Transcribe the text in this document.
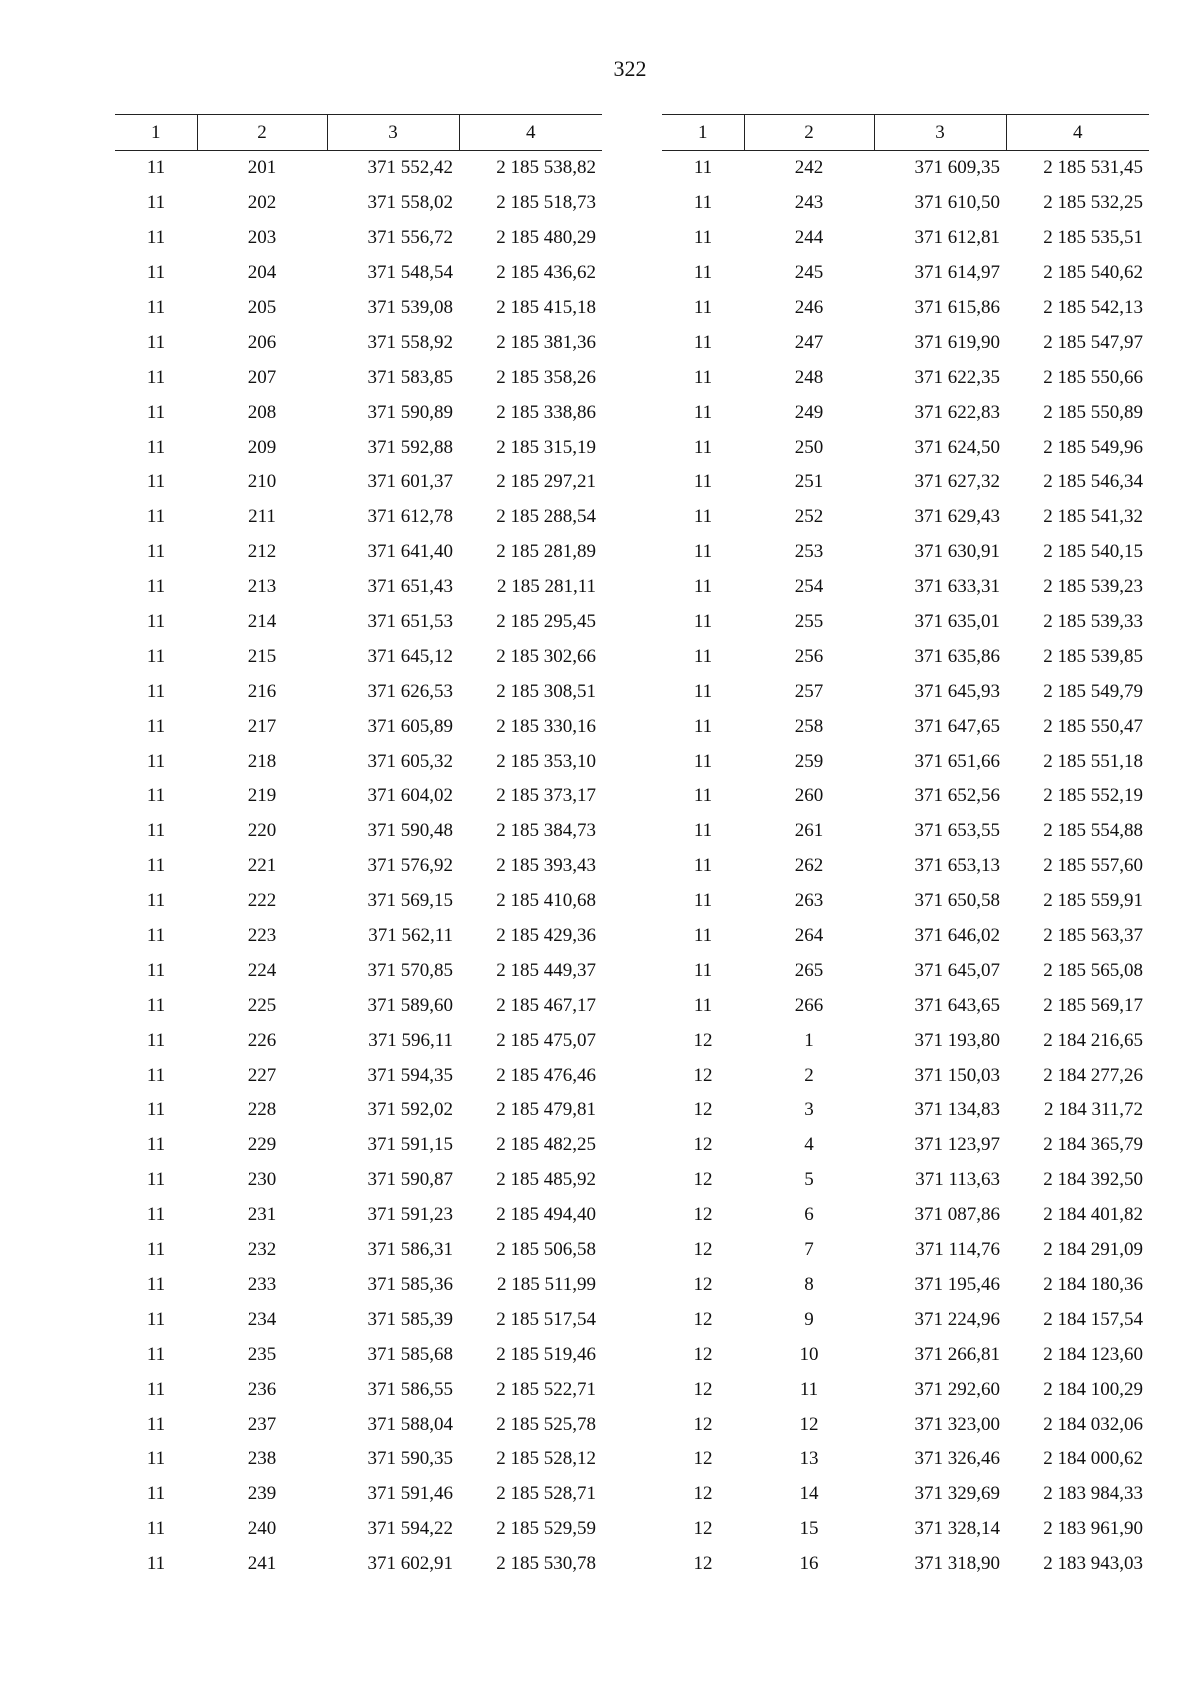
322
1	2	3	4
11	201	371 552,42	2 185 538,82
11	202	371 558,02	2 185 518,73
11	203	371 556,72	2 185 480,29
11	204	371 548,54	2 185 436,62
11	205	371 539,08	2 185 415,18
11	206	371 558,92	2 185 381,36
11	207	371 583,85	2 185 358,26
11	208	371 590,89	2 185 338,86
11	209	371 592,88	2 185 315,19
11	210	371 601,37	2 185 297,21
11	211	371 612,78	2 185 288,54
11	212	371 641,40	2 185 281,89
11	213	371 651,43	2 185 281,11
11	214	371 651,53	2 185 295,45
11	215	371 645,12	2 185 302,66
11	216	371 626,53	2 185 308,51
11	217	371 605,89	2 185 330,16
11	218	371 605,32	2 185 353,10
11	219	371 604,02	2 185 373,17
11	220	371 590,48	2 185 384,73
11	221	371 576,92	2 185 393,43
11	222	371 569,15	2 185 410,68
11	223	371 562,11	2 185 429,36
11	224	371 570,85	2 185 449,37
11	225	371 589,60	2 185 467,17
11	226	371 596,11	2 185 475,07
11	227	371 594,35	2 185 476,46
11	228	371 592,02	2 185 479,81
11	229	371 591,15	2 185 482,25
11	230	371 590,87	2 185 485,92
11	231	371 591,23	2 185 494,40
11	232	371 586,31	2 185 506,58
11	233	371 585,36	2 185 511,99
11	234	371 585,39	2 185 517,54
11	235	371 585,68	2 185 519,46
11	236	371 586,55	2 185 522,71
11	237	371 588,04	2 185 525,78
11	238	371 590,35	2 185 528,12
11	239	371 591,46	2 185 528,71
11	240	371 594,22	2 185 529,59
11	241	371 602,91	2 185 530,78
1	2	3	4
11	242	371 609,35	2 185 531,45
11	243	371 610,50	2 185 532,25
11	244	371 612,81	2 185 535,51
11	245	371 614,97	2 185 540,62
11	246	371 615,86	2 185 542,13
11	247	371 619,90	2 185 547,97
11	248	371 622,35	2 185 550,66
11	249	371 622,83	2 185 550,89
11	250	371 624,50	2 185 549,96
11	251	371 627,32	2 185 546,34
11	252	371 629,43	2 185 541,32
11	253	371 630,91	2 185 540,15
11	254	371 633,31	2 185 539,23
11	255	371 635,01	2 185 539,33
11	256	371 635,86	2 185 539,85
11	257	371 645,93	2 185 549,79
11	258	371 647,65	2 185 550,47
11	259	371 651,66	2 185 551,18
11	260	371 652,56	2 185 552,19
11	261	371 653,55	2 185 554,88
11	262	371 653,13	2 185 557,60
11	263	371 650,58	2 185 559,91
11	264	371 646,02	2 185 563,37
11	265	371 645,07	2 185 565,08
11	266	371 643,65	2 185 569,17
12	1	371 193,80	2 184 216,65
12	2	371 150,03	2 184 277,26
12	3	371 134,83	2 184 311,72
12	4	371 123,97	2 184 365,79
12	5	371 113,63	2 184 392,50
12	6	371 087,86	2 184 401,82
12	7	371 114,76	2 184 291,09
12	8	371 195,46	2 184 180,36
12	9	371 224,96	2 184 157,54
12	10	371 266,81	2 184 123,60
12	11	371 292,60	2 184 100,29
12	12	371 323,00	2 184 032,06
12	13	371 326,46	2 184 000,62
12	14	371 329,69	2 183 984,33
12	15	371 328,14	2 183 961,90
12	16	371 318,90	2 183 943,03
